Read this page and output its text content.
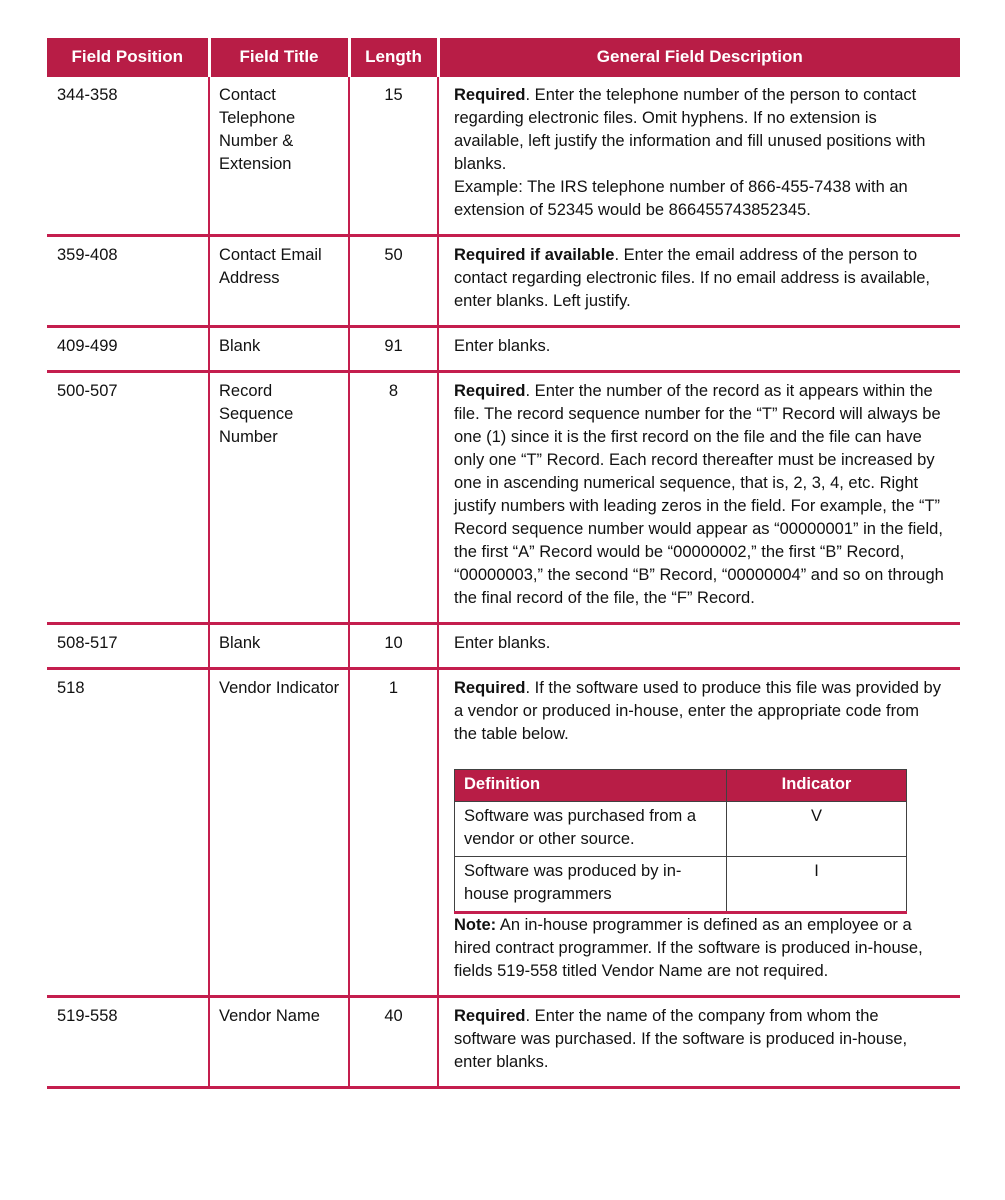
Field Position	Field Title	Length	General Field Description
344-358	Contact Telephone Number & Extension	15	Required. Enter the telephone number of the person to contact regarding electronic files. Omit hyphens. If no extension is available, left justify the information and fill unused positions with blanks.

Example: The IRS telephone number of 866-455-7438 with an extension of 52345 would be 866455743852345.

359-408	Contact Email Address	50	Required if available. Enter the email address of the person to contact regarding electronic files. If no email address is available, enter blanks. Left justify.

409-499	Blank	91	Enter blanks.

500-507	Record Sequence Number	8	Required. Enter the number of the record as it appears within the file. The record sequence number for the “T” Record will always be one (1) since it is the first record on the file and the file can have only one “T” Record. Each record thereafter must be increased by one in ascending numerical sequence, that is, 2, 3, 4, etc. Right justify numbers with leading zeros in the field. For example, the “T” Record sequence number would appear as “00000001” in the field, the first “A” Record would be “00000002,” the first “B” Record, “00000003,” the second “B” Record, “00000004” and so on through the final record of the file, the “F” Record.

508-517	Blank	10	Enter blanks.

518	Vendor Indicator	1	Required. If the software used to produce this file was provided by a vendor or produced in-house, enter the appropriate code from the table below.

Definition	Indicator
Software was purchased from a vendor or other source.	V
Software was produced by in-house programmers	I

Note: An in-house programmer is defined as an employee or a hired contract programmer. If the software is produced in-house, fields 519-558 titled Vendor Name are not required.

519-558	Vendor Name	40	Required. Enter the name of the company from whom the software was purchased. If the software is produced in-house, enter blanks.
